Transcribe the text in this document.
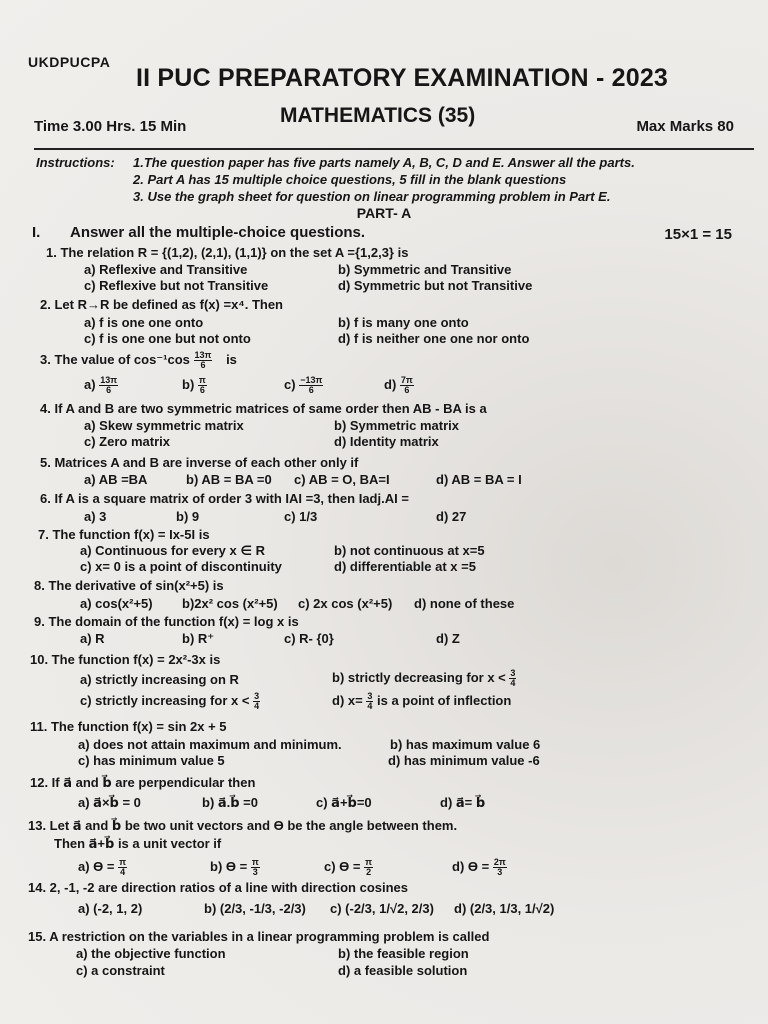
UKDPUCPA
II PUC PREPARATORY EXAMINATION - 2023
MATHEMATICS (35)
Time 3.00 Hrs. 15 Min	Max Marks 80
Instructions:	1.The question paper has five parts namely A, B, C, D and E. Answer all the parts.
2. Part A has 15 multiple choice questions, 5 fill in the blank questions
3. Use the graph sheet for question on linear programming problem in Part E.
PART- A
I. Answer all the multiple-choice questions.	15×1 = 15
1. The relation R = {(1,2), (2,1), (1,1)} on the set A ={1,2,3} is
a) Reflexive and Transitive	b) Symmetric and Transitive
c) Reflexive but not Transitive	d) Symmetric but not Transitive
2. Let R→R be defined as f(x) =x⁴. Then
a) f is one one onto	b) f is many one onto
c) f is one one but not onto	d) f is neither one one nor onto
3. The value of $\cos^{-1}\cos \frac{13\pi}{6}$ is
$a) \frac{13\pi}{6}$	$b) \frac{\pi}{6}$	$c) \frac{-13\pi}{6}$	$d) \frac{7\pi}{6}$
4. If A and B are two symmetric matrices of same order then AB - BA is a
a) Skew symmetric matrix	b) Symmetric matrix
c) Zero matrix	d) Identity matrix
5. Matrices A and B are inverse of each other only if
a) AB =BA	b) AB = BA =0 c) AB = O, BA=I	d) AB = BA = I
6. If A is a square matrix of order 3 with IAI =3, then Iadj.AI =
a) 3	b) 9	c) 1/3	d) 27
7. The function f(x) = Ix-5I is
a) Continuous for every x ∈ R	b) not continuous at x=5
c) x= 0 is a point of discontinuity	d) differentiable at x =5
8. The derivative of sin(x²+5) is
a) cos(x²+5) b)2x² cos (x²+5) c) 2x cos (x²+5) d) none of these
9. The domain of the function f(x) = log x is
a) R	b) R⁺	c) R- {0}	d) Z
10. The function f(x) = 2x²-3x is
a) strictly increasing on R	b) strictly decreasing for $x < \frac{3}{4}$
c) strictly increasing for $x < \frac{3}{4}$	d) $x= \frac{3}{4}$ is a point of inflection
11. The function f(x) = sin 2x + 5
a) does not attain maximum and minimum.	b) has maximum value 6
c) has minimum value 5	d) has minimum value -6
12. If a⃗ and b⃗ are perpendicular then
a) a⃗×b⃗ = 0	b) a⃗.b⃗ =0	c) a⃗+b⃗=0	d) a⃗= b⃗
13. Let a⃗ and b⃗ be two unit vectors and ϴ be the angle between them.
Then a⃗+b⃗ is a unit vector if
a) $ϴ = \frac{\pi}{4}$	b) $ϴ = \frac{\pi}{3}$	c) $ϴ = \frac{\pi}{2}$	d) $ϴ = \frac{2\pi}{3}$
14. 2, -1, -2 are direction ratios of a line with direction cosines
a) (-2, 1, 2)	b) (2/3, -1/3, -2/3) c) (-2/3, 1/√2, 2/3) d) (2/3, 1/3, 1/√2)
15. A restriction on the variables in a linear programming problem is called
a) the objective function	b) the feasible region
c) a constraint	d) a feasible solution
